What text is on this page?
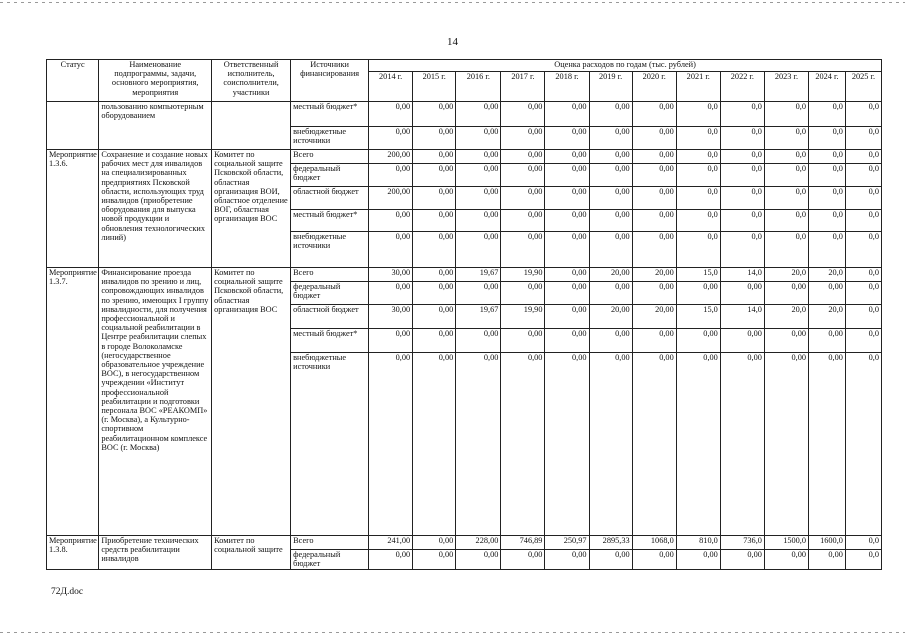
14
Статус	Наименование подпрограммы, задачи, основного мероприятия, мероприятия	Ответственный исполнитель, соисполнители, участники	Источники финансирования	Оценка расходов по годам (тыс. рублей)											
				2014 г.	2015 г.	2016 г.	2017 г.	2018 г.	2019 г.	2020 г.	2021 г.	2022 г.	2023 г.	2024 г.	2025 г.
	пользованию компьютерным оборудованием		местный бюджет*	0,00	0,00	0,00	0,00	0,00	0,00	0,00	0,0	0,0	0,0	0,0	0,0
			внебюджетные источники	0,00	0,00	0,00	0,00	0,00	0,00	0,00	0,0	0,0	0,0	0,0	0,0
Мероприятие 1.3.6.	Сохранение и создание новых рабочих мест для инвалидов на специализированных предприятиях Псковской области, использующих труд инвалидов (приобретение оборудования для выпуска новой продукции и обновления технологических линий)	Комитет по социальной защите Псковской области, областная организация ВОИ, областное отделение ВОГ, областная организация ВОС	Всего	200,00	0,00	0,00	0,00	0,00	0,00	0,00	0,0	0,0	0,0	0,0	0,0
			федеральный бюджет	0,00	0,00	0,00	0,00	0,00	0,00	0,00	0,0	0,0	0,0	0,0	0,0
			областной бюджет	200,00	0,00	0,00	0,00	0,00	0,00	0,00	0,0	0,0	0,0	0,0	0,0
			местный бюджет*	0,00	0,00	0,00	0,00	0,00	0,00	0,00	0,0	0,0	0,0	0,0	0,0
			внебюджетные источники	0,00	0,00	0,00	0,00	0,00	0,00	0,00	0,0	0,0	0,0	0,0	0,0
Мероприятие 1.3.7.	Финансирование проезда инвалидов по зрению и лиц, сопровождающих инвалидов по зрению, имеющих I группу инвалидности, для получения профессиональной и социальной реабилитации в Центре реабилитации слепых в городе Волоколамске (негосударственное образовательное учреждение ВОС), в негосударственном учреждении «Институт профессиональной реабилитации и подготовки персонала ВОС «РЕАКОМП» (г. Москва), а Культурно-спортивном реабилитационном комплексе ВОС (г. Москва)	Комитет по социальной защите Псковской области, областная организация ВОС	Всего	30,00	0,00	19,67	19,90	0,00	20,00	20,00	15,0	14,0	20,0	20,0	0,0
			федеральный бюджет	0,00	0,00	0,00	0,00	0,00	0,00	0,00	0,00	0,00	0,00	0,00	0,0
			областной бюджет	30,00	0,00	19,67	19,90	0,00	20,00	20,00	15,0	14,0	20,0	20,0	0,0
			местный бюджет*	0,00	0,00	0,00	0,00	0,00	0,00	0,00	0,00	0,00	0,00	0,00	0,0
			внебюджетные источники	0,00	0,00	0,00	0,00	0,00	0,00	0,00	0,00	0,00	0,00	0,00	0,0
Мероприятие 1.3.8.	Приобретение технических средств реабилитации инвалидов	Комитет по социальной защите	Всего	241,00	0,00	228,00	746,89	250,97	2895,33	1068,0	810,0	736,0	1500,0	1600,0	0,0
			федеральный бюджет	0,00	0,00	0,00	0,00	0,00	0,00	0,00	0,00	0,00	0,00	0,00	0,0
72Д.doc
